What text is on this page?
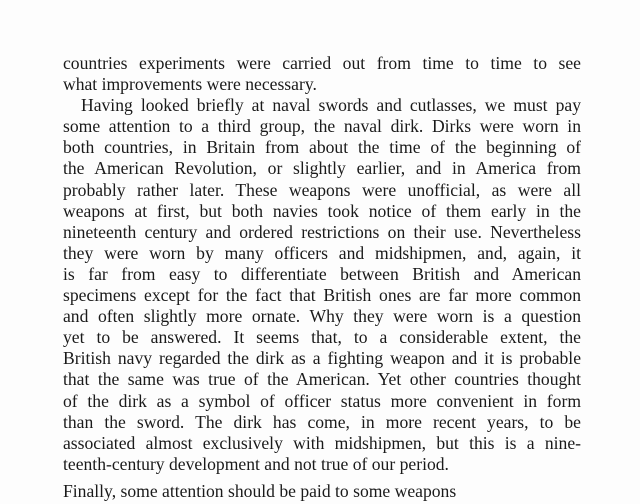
countries experiments were carried out from time to time to see
what improvements were necessary.
Having looked briefly at naval swords and cutlasses, we must pay
some attention to a third group, the naval dirk. Dirks were worn in
both countries, in Britain from about the time of the beginning of
the American Revolution, or slightly earlier, and in America from
probably rather later. These weapons were unofficial, as were all
weapons at first, but both navies took notice of them early in the
nineteenth century and ordered restrictions on their use. Nevertheless
they were worn by many officers and midshipmen, and, again, it
is far from easy to differentiate between British and American
specimens except for the fact that British ones are far more common
and often slightly more ornate. Why they were worn is a question
yet to be answered. It seems that, to a considerable extent, the
British navy regarded the dirk as a fighting weapon and it is probable
that the same was true of the American. Yet other countries thought
of the dirk as a symbol of officer status more convenient in form
than the sword. The dirk has come, in more recent years, to be
associated almost exclusively with midshipmen, but this is a nine-
teenth-century development and not true of our period.
Finally, some attention should be paid to some weapons
